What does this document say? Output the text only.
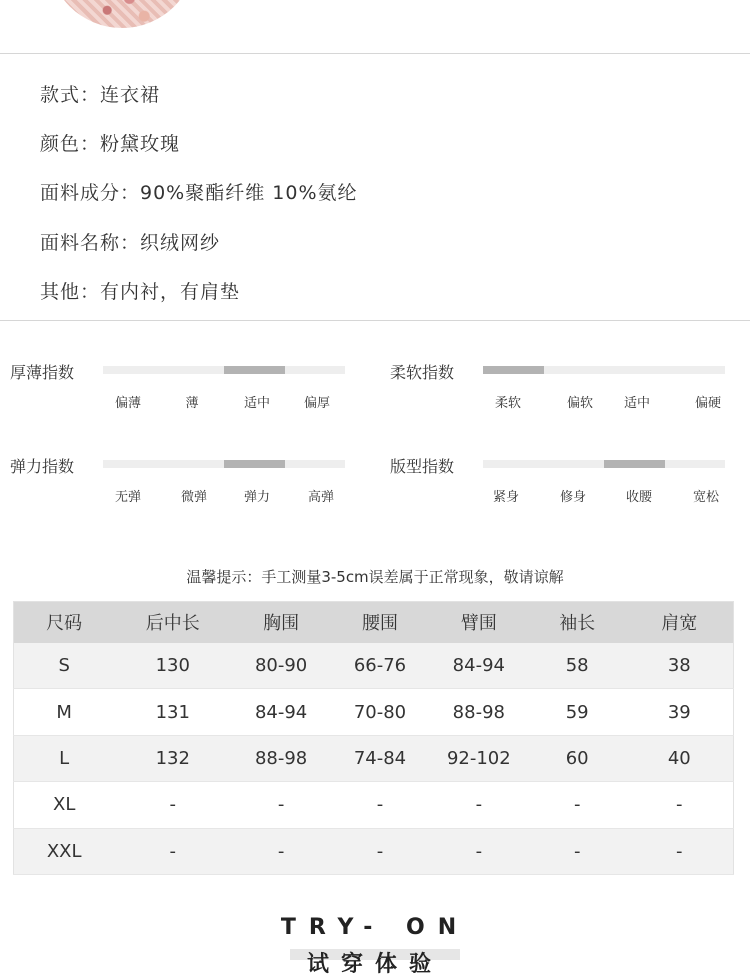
款式：连衣裙
颜色：粉黛玫瑰
面料成分：90%聚酯纤维 10%氨纶
面料名称：织绒网纱
其他：有内衬，有肩垫
厚薄指数
偏薄	薄	适中	偏厚
柔软指数
柔软	偏软 适中	偏硬
弹力指数
无弹	微弹	弹力	高弹
版型指数
紧身	修身	收腰	宽松
温馨提示：手工测量3-5cm误差属于正常现象，敬请谅解
尺码	后中长	胸围	腰围	臂围	袖长	肩宽
S	130	80-90	66-76	84-94	58	38
M	131	84-94	70-80	88-98	59	39
L	132	88-98	74-84	92-102	60	40
XL	-	-	-	-	-	-
XXL	-	-	-	-	-	-
TRY- ON
试穿体验
